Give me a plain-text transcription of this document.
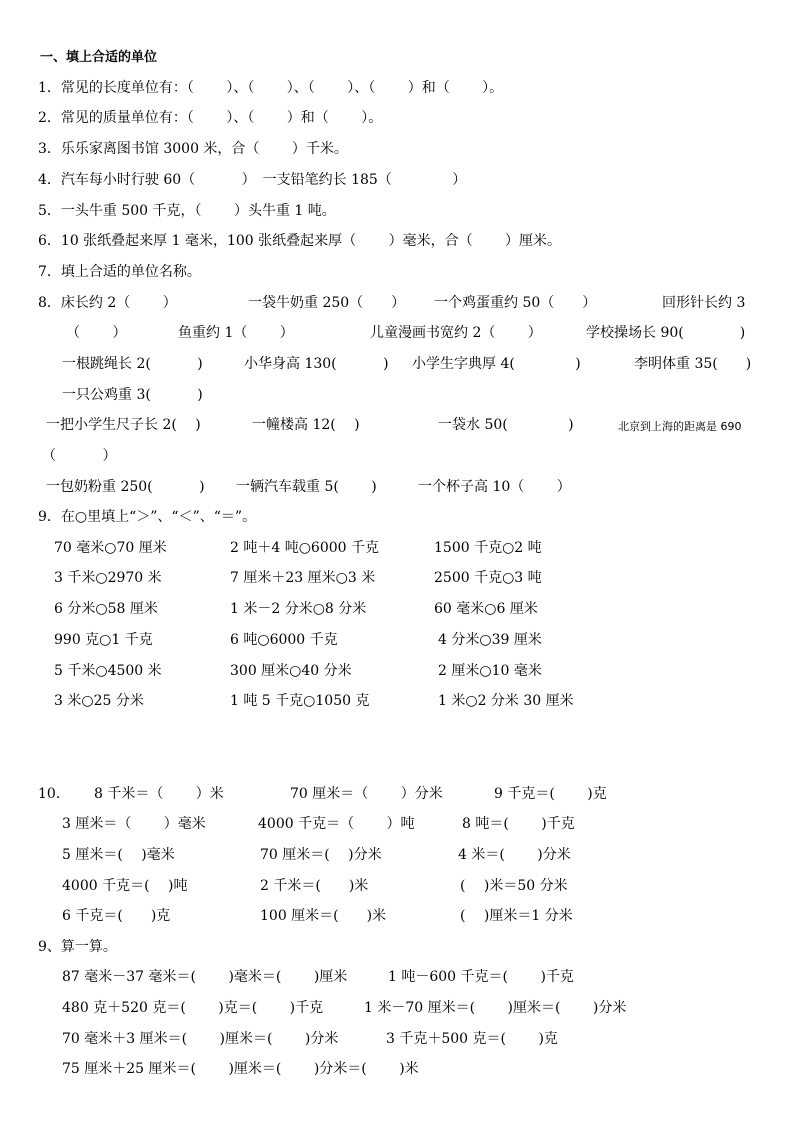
一、填上合适的单位
1．常见的长度单位有：（　　 ）、（　　 ）、（　　 ）、（　　 ）和（　　 ）。
2．常见的质量单位有：（　　 ）、（　　 ）和（　　 ）。
3．乐乐家离图书馆 3000 米，合（　　 ）千米。
4．汽车每小时行驶 60（　　　 ）　一支铅笔约长 185（　　　　 ）
5．一头牛重 500 千克，（　　 ）头牛重 1 吨。
6．10 张纸叠起来厚 1 毫米，100 张纸叠起来厚（　　 ）毫米，合（　　 ）厘米。
7．填上合适的单位名称。
8．床长约 2（　　 ）	一袋牛奶重 250（　　） 一个鸡蛋重约 50（　　）	回形针长约 3
（　　 ）	鱼重约 1（　　 ）	儿童漫画书宽约 2（　　 ）	学校操场长 90(　　　　)
一根跳绳长 2(　　　 )	小华身高 130(　　　 ) 小学生字典厚 4(　　　　 )	李明体重 35(　　)
一只公鸡重 3(　　　 )
一把小学生尺子长 2(　 )	一幢楼高 12(　 )	一袋水 50(　　　　 )	北京到上海的距离是 690
（　　　 ）
一包奶粉重 250(　　　 ) 一辆汽车载重 5(　　 )	一个杯子高 10（　　 ）
9．在○里填上“＞”、“＜”、“＝”。
70 毫米○70 厘米	2 吨＋4 吨○6000 千克	1500 千克○2 吨
3 千米○2970 米	7 厘米＋23 厘米○3 米	2500 千克○3 吨
6 分米○58 厘米	1 米－2 分米○8 分米	60 毫米○6 厘米
990 克○1 千克	6 吨○6000 千克	4 分米○39 厘米
5 千米○4500 米	300 厘米○40 分米	2 厘米○10 毫米
3 米○25 分米	1 吨 5 千克○1050 克	1 米○2 分米 30 厘米
10. 8 千米＝（　　 ）米	70 厘米＝（　　 ）分米	9 千克＝(　　 )克
3 厘米＝（　　 ）毫米	4000 千克＝（　　 ）吨	8 吨＝(　　 )千克
5 厘米＝(　 )毫米	70 厘米＝(　 )分米	4 米＝(　　 )分米
4000 千克＝(　 )吨	2 千米＝(　　)米	(　 )米＝50 分米
6 千克＝(　　)克	100 厘米＝(　　)米	(　 )厘米＝1 分米
9、算一算。
87 毫米－37 毫米＝(　　 )毫米＝(　　 )厘米	1 吨－600 千克＝(　　 )千克
480 克＋520 克＝(　　 )克＝(　　 )千克	1 米－70 厘米＝(　　 )厘米＝(　　 )分米
70 毫米＋3 厘米＝(　　 )厘米＝(　　 )分米	3 千克＋500 克＝(　　 )克
75 厘米＋25 厘米＝(　　 )厘米＝(　　 )分米＝(　　 )米
